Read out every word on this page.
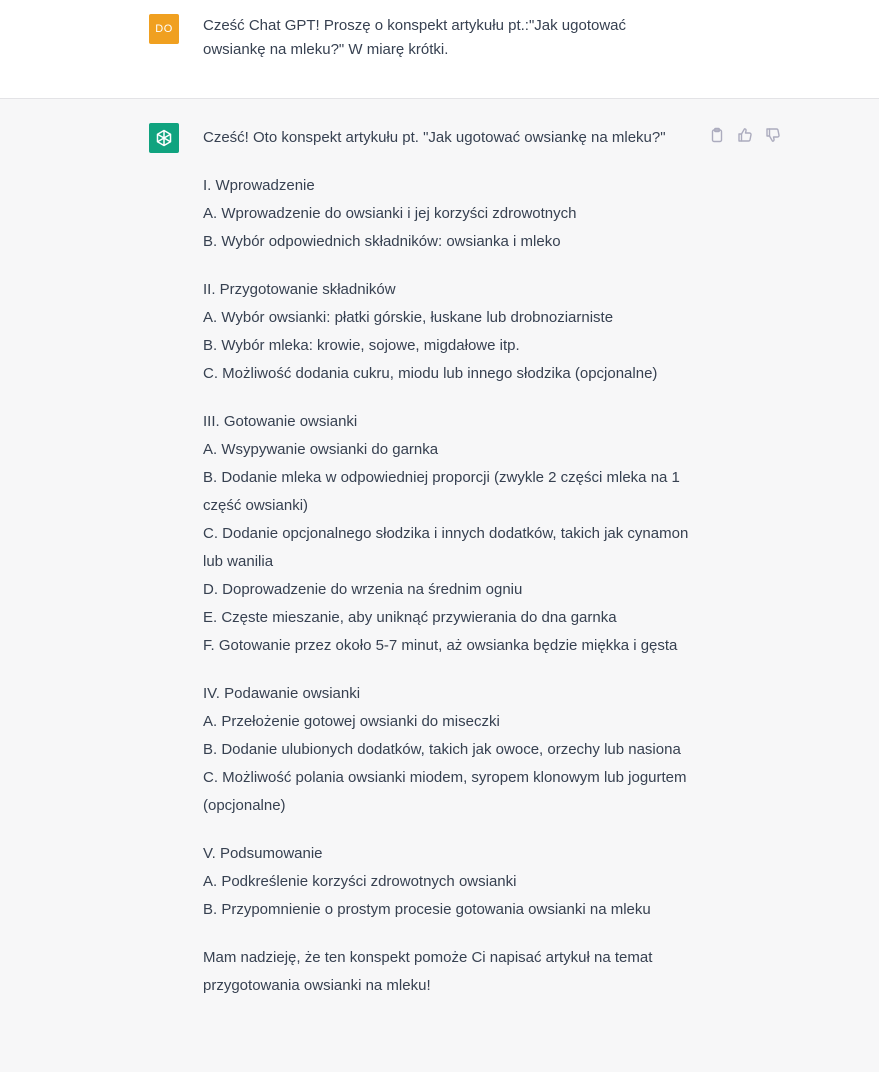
DO	Cześć Chat GPT! Proszę o konspekt artykułu pt.:"Jak ugotować owsiankę na mleku?" W miarę krótki.

Cześć! Oto konspekt artykułu pt. "Jak ugotować owsiankę na mleku?"

I. Wprowadzenie

A. Wprowadzenie do owsianki i jej korzyści zdrowotnych

B. Wybór odpowiednich składników: owsianka i mleko

II. Przygotowanie składników

A. Wybór owsianki: płatki górskie, łuskane lub drobnoziarniste

B. Wybór mleka: krowie, sojowe, migdałowe itp.

C. Możliwość dodania cukru, miodu lub innego słodzika (opcjonalne)

III. Gotowanie owsianki

A. Wsypywanie owsianki do garnka

B. Dodanie mleka w odpowiedniej proporcji (zwykle 2 części mleka na 1 część owsianki)

C. Dodanie opcjonalnego słodzika i innych dodatków, takich jak cynamon lub wanilia

D. Doprowadzenie do wrzenia na średnim ogniu

E. Częste mieszanie, aby uniknąć przywierania do dna garnka

F. Gotowanie przez około 5-7 minut, aż owsianka będzie miękka i gęsta

IV. Podawanie owsianki

A. Przełożenie gotowej owsianki do miseczki

B. Dodanie ulubionych dodatków, takich jak owoce, orzechy lub nasiona

C. Możliwość polania owsianki miodem, syropem klonowym lub jogurtem (opcjonalne)

V. Podsumowanie

A. Podkreślenie korzyści zdrowotnych owsianki

B. Przypomnienie o prostym procesie gotowania owsianki na mleku

Mam nadzieję, że ten konspekt pomoże Ci napisać artykuł na temat przygotowania owsianki na mleku!
